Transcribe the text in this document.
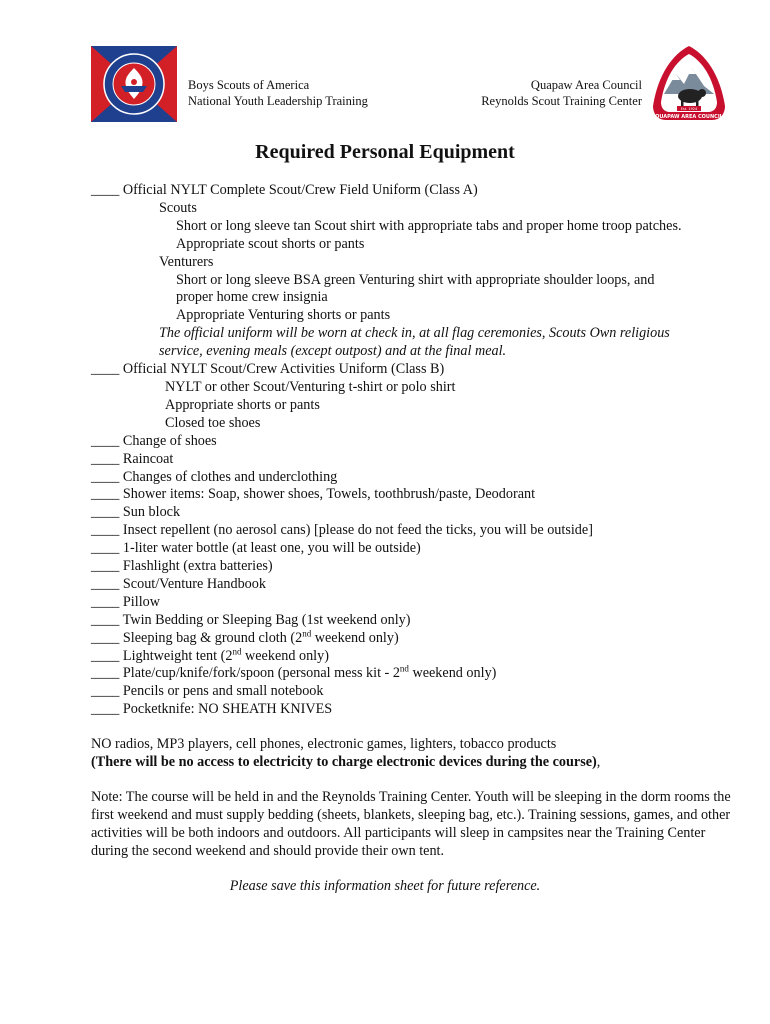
Boys Scouts of America
National Youth Leadership Training
Quapaw Area Council
Reynolds Scout Training Center
Est. 1924
QUAPAW AREA COUNCIL
Required Personal Equipment
____ Official NYLT Complete Scout/Crew Field Uniform (Class A)
Scouts
Short or long sleeve tan Scout shirt with appropriate tabs and proper home troop patches.
Appropriate scout shorts or pants
Venturers
Short or long sleeve BSA green Venturing shirt with appropriate shoulder loops, and
proper home crew insignia
Appropriate Venturing shorts or pants
The official uniform will be worn at check in, at all flag ceremonies, Scouts Own religious
service, evening meals (except outpost) and at the final meal.
____ Official NYLT Scout/Crew Activities Uniform (Class B)
NYLT or other Scout/Venturing t-shirt or polo shirt
Appropriate shorts or pants
Closed toe shoes
____ Change of shoes
____ Raincoat
____ Changes of clothes and underclothing
____ Shower items: Soap, shower shoes, Towels, toothbrush/paste, Deodorant
____ Sun block
____ Insect repellent (no aerosol cans) [please do not feed the ticks, you will be outside]
____ 1-liter water bottle (at least one, you will be outside)
____ Flashlight (extra batteries)
____ Scout/Venture Handbook
____ Pillow
____ Twin Bedding or Sleeping Bag (1st weekend only)
____ Sleeping bag & ground cloth (2nd weekend only)
____ Lightweight tent (2nd weekend only)
____ Plate/cup/knife/fork/spoon (personal mess kit - 2nd weekend only)
____ Pencils or pens and small notebook
____ Pocketknife: NO SHEATH KNIVES
NO radios, MP3 players, cell phones, electronic games, lighters, tobacco products
(There will be no access to electricity to charge electronic devices during the course),
Note: The course will be held in and the Reynolds Training Center. Youth will be sleeping in the dorm rooms the first weekend and must supply bedding (sheets, blankets, sleeping bag, etc.). Training sessions, games, and other activities will be both indoors and outdoors. All participants will sleep in campsites near the Training Center during the second weekend and should provide their own tent.
Please save this information sheet for future reference.
